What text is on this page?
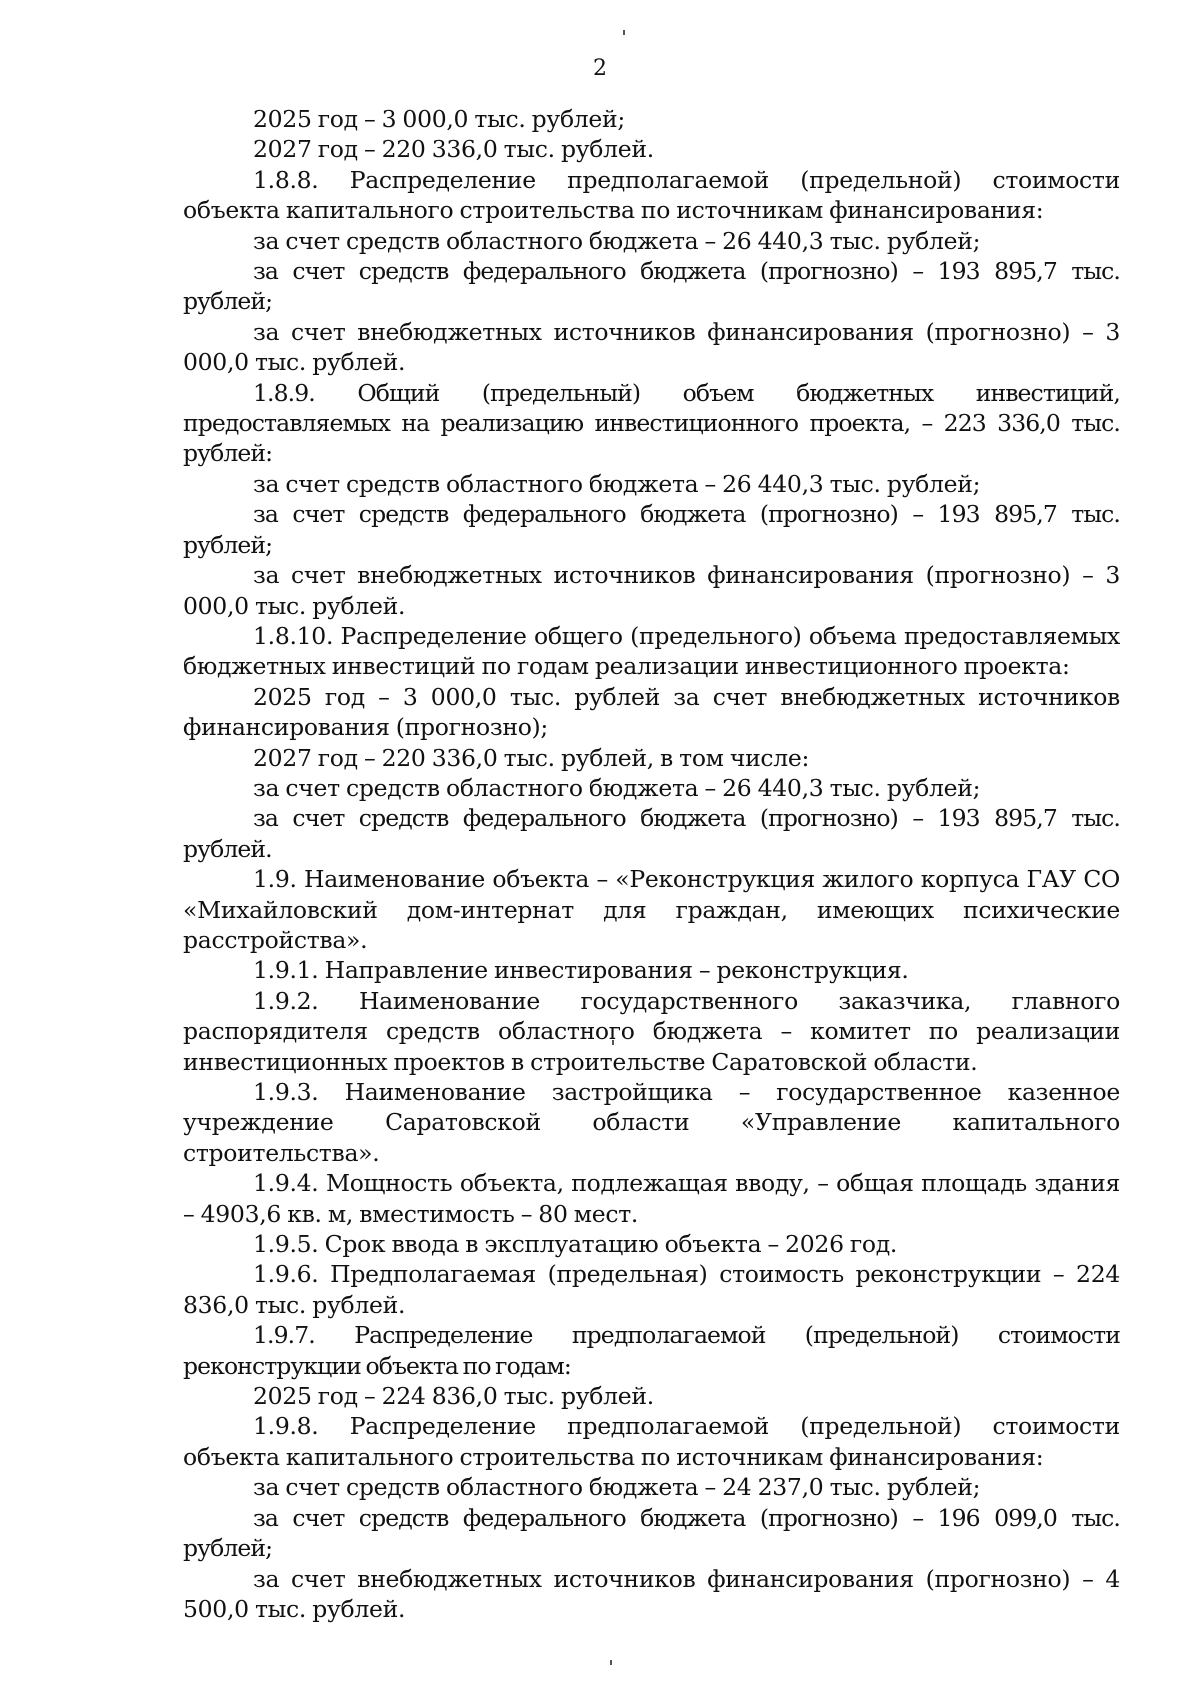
2

2025 год – 3 000,0 тыс. рублей;

2027 год – 220 336,0 тыс. рублей.

1.8.8. Распределение предполагаемой (предельной) стоимости объекта капитального строительства по источникам финансирования:

за счет средств областного бюджета – 26 440,3 тыс. рублей;

за счет средств федерального бюджета (прогнозно) – 193 895,7 тыс. рублей;

за счет внебюджетных источников финансирования (прогнозно) – 3 000,0 тыс. рублей.

1.8.9. Общий (предельный) объем бюджетных инвестиций, предоставляемых на реализацию инвестиционного проекта, – 223 336,0 тыс. рублей:

за счет средств областного бюджета – 26 440,3 тыс. рублей;

за счет средств федерального бюджета (прогнозно) – 193 895,7 тыс. рублей;

за счет внебюджетных источников финансирования (прогнозно) – 3 000,0 тыс. рублей.

1.8.10. Распределение общего (предельного) объема предоставляемых бюджетных инвестиций по годам реализации инвестиционного проекта:

2025 год – 3 000,0 тыс. рублей за счет внебюджетных источников финансирования (прогнозно);

2027 год – 220 336,0 тыс. рублей, в том числе:

за счет средств областного бюджета – 26 440,3 тыс. рублей;

за счет средств федерального бюджета (прогнозно) – 193 895,7 тыс. рублей.

1.9. Наименование объекта – «Реконструкция жилого корпуса ГАУ СО «Михайловский дом-интернат для граждан, имеющих психические расстройства».

1.9.1. Направление инвестирования – реконструкция.

1.9.2. Наименование государственного заказчика, главного распорядителя средств областного бюджета – комитет по реализации инвестиционных проектов в строительстве Саратовской области.

1.9.3. Наименование застройщика – государственное казенное учреждение Саратовской области «Управление капитального строительства».

1.9.4. Мощность объекта, подлежащая вводу, – общая площадь здания – 4903,6 кв. м, вместимость – 80 мест.

1.9.5. Срок ввода в эксплуатацию объекта – 2026 год.

1.9.6. Предполагаемая (предельная) стоимость реконструкции – 224 836,0 тыс. рублей.

1.9.7. Распределение предполагаемой (предельной) стоимости реконструкции объекта по годам:

2025 год – 224 836,0 тыс. рублей.

1.9.8. Распределение предполагаемой (предельной) стоимости объекта капитального строительства по источникам финансирования:

за счет средств областного бюджета – 24 237,0 тыс. рублей;

за счет средств федерального бюджета (прогнозно) – 196 099,0 тыс. рублей;

за счет внебюджетных источников финансирования (прогнозно) – 4 500,0 тыс. рублей.
